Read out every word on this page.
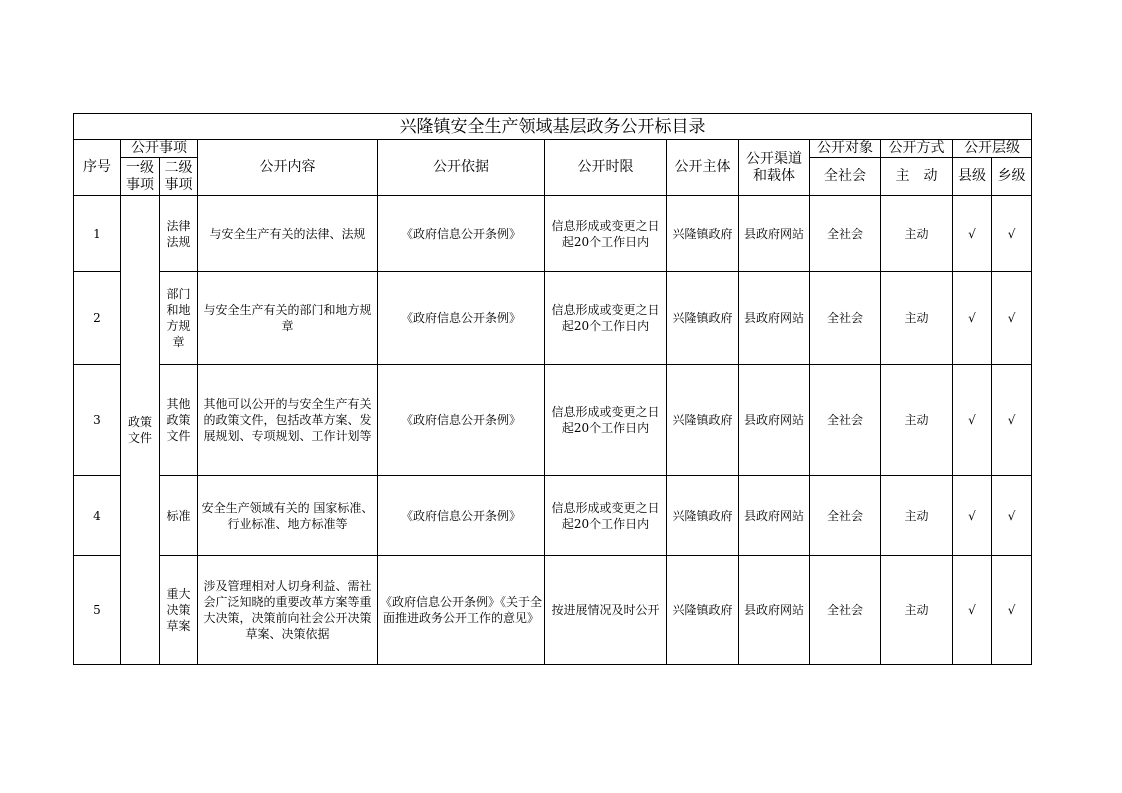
兴隆镇安全生产领域基层政务公开标目录											
序号	公开事项		公开内容	公开依据	公开时限	公开主体	公开渠道和载体	公开对象	公开方式	公开层级	
	一级事项	二级事项						全社会	主　动	县级	乡级
1	政策文件	法律法规	与安全生产有关的法律、法规	《政府信息公开条例》	信息形成或变更之日起20个工作日内	兴隆镇政府	县政府网站	全社会	主动	√	√
2		部门和地方规章	与安全生产有关的部门和地方规章	《政府信息公开条例》	信息形成或变更之日起20个工作日内	兴隆镇政府	县政府网站	全社会	主动	√	√
3		其他政策文件	其他可以公开的与安全生产有关的政策文件，包括改革方案、发展规划、专项规划、工作计划等	《政府信息公开条例》	信息形成或变更之日起20个工作日内	兴隆镇政府	县政府网站	全社会	主动	√	√
4		标准	安全生产领域有关的 国家标准、行业标准、地方标准等	《政府信息公开条例》	信息形成或变更之日起20个工作日内	兴隆镇政府	县政府网站	全社会	主动	√	√
5		重大决策草案	涉及管理相对人切身利益、需社会广泛知晓的重要改革方案等重大决策，决策前向社会公开决策草案、决策依据	《政府信息公开条例》《关于全面推进政务公开工作的意见》	按进展情况及时公开	兴隆镇政府	县政府网站	全社会	主动	√	√
